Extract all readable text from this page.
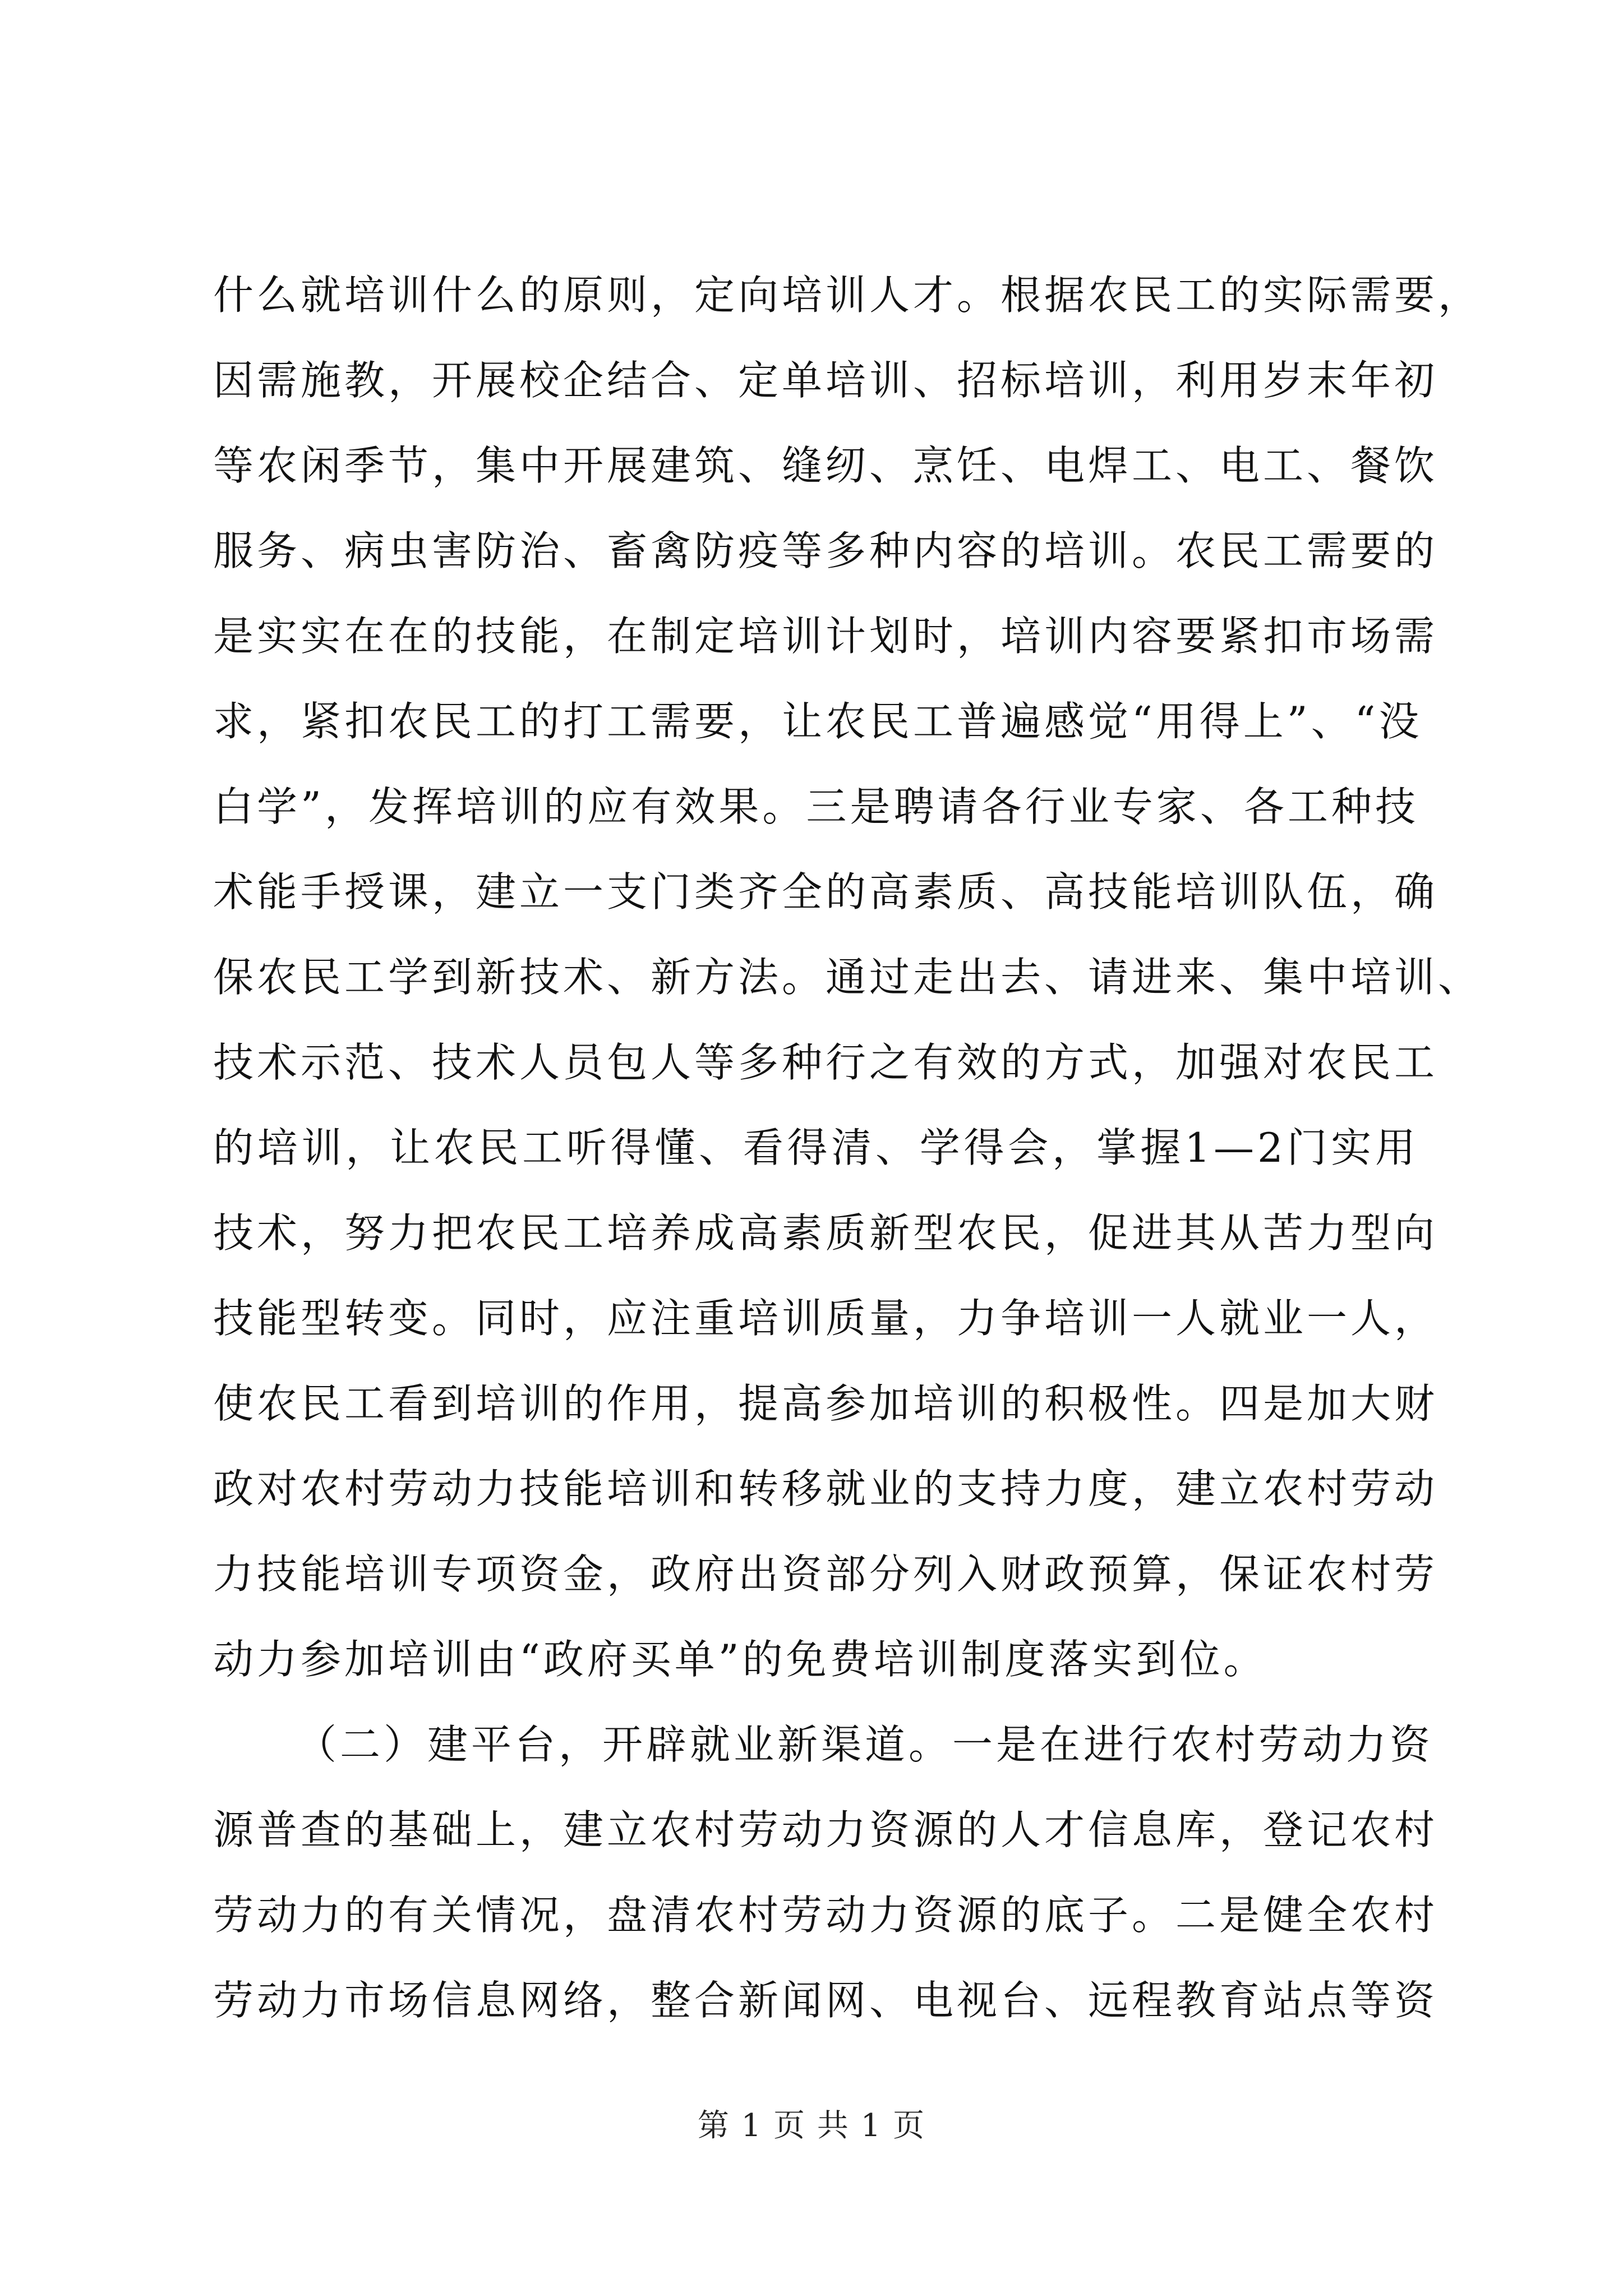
什么就培训什么的原则，定向培训人才。根据农民工的实际需要，
因需施教，开展校企结合、定单培训、招标培训，利用岁末年初
等农闲季节，集中开展建筑、缝纫、烹饪、电焊工、电工、餐饮
服务、病虫害防治、畜禽防疫等多种内容的培训。农民工需要的
是实实在在的技能，在制定培训计划时，培训内容要紧扣市场需
求，紧扣农民工的打工需要，让农民工普遍感觉“用得上”、“没
白学”，发挥培训的应有效果。三是聘请各行业专家、各工种技
术能手授课，建立一支门类齐全的高素质、高技能培训队伍，确
保农民工学到新技术、新方法。通过走出去、请进来、集中培训、
技术示范、技术人员包人等多种行之有效的方式，加强对农民工
的培训，让农民工听得懂、看得清、学得会，掌握1—2门实用
技术，努力把农民工培养成高素质新型农民，促进其从苦力型向
技能型转变。同时，应注重培训质量，力争培训一人就业一人，
使农民工看到培训的作用，提高参加培训的积极性。四是加大财
政对农村劳动力技能培训和转移就业的支持力度，建立农村劳动
力技能培训专项资金，政府出资部分列入财政预算，保证农村劳
动力参加培训由“政府买单”的免费培训制度落实到位。
（二）建平台，开辟就业新渠道。一是在进行农村劳动力资
源普查的基础上，建立农村劳动力资源的人才信息库，登记农村
劳动力的有关情况，盘清农村劳动力资源的底子。二是健全农村
劳动力市场信息网络，整合新闻网、电视台、远程教育站点等资
第 1 页 共 1 页
